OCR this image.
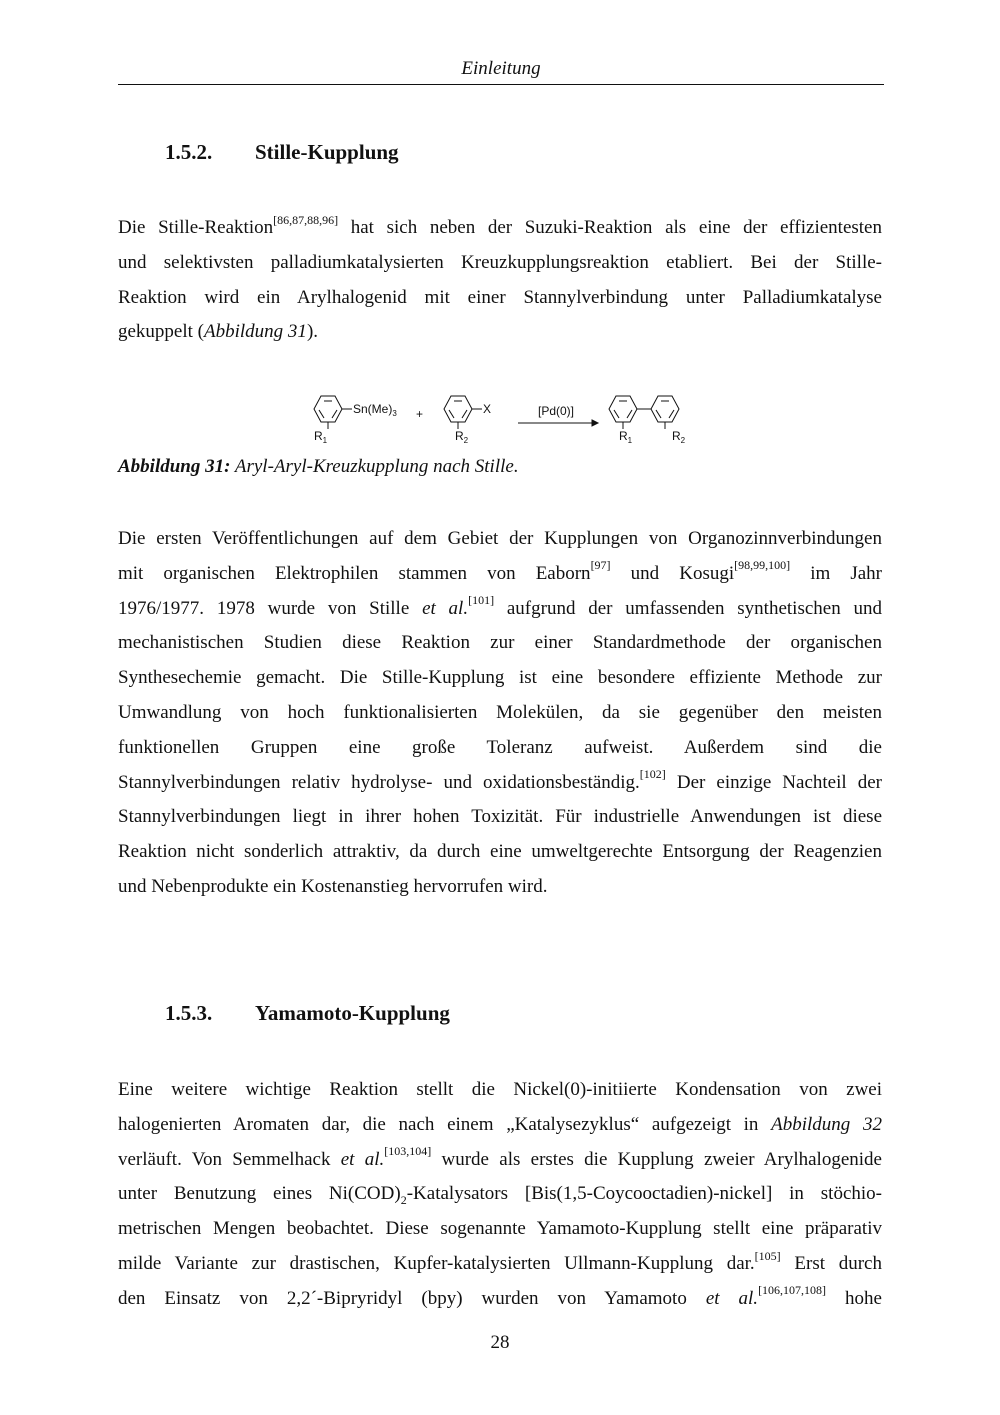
Einleitung
1.5.2. Stille-Kupplung
Die Stille-Reaktion[86,87,88,96] hat sich neben der Suzuki-Reaktion als eine der effizientesten
und selektivsten palladiumkatalysierten Kreuzkupplungsreaktion etabliert. Bei der Stille-
Reaktion wird ein Arylhalogenid mit einer Stannylverbindung unter Palladiumkatalyse
gekuppelt (Abbildung 31).
$Sn(Me)_3$ +	X	[Pd(0)]
$R_1$	$R_2$	$R_1$	$R_2$
Abbildung 31: Aryl-Aryl-Kreuzkupplung nach Stille.
Die ersten Veröffentlichungen auf dem Gebiet der Kupplungen von Organozinnverbindungen
mit organischen Elektrophilen stammen von Eaborn[97] und Kosugi[98,99,100] im Jahr
1976/1977. 1978 wurde von Stille et al.[101] aufgrund der umfassenden synthetischen und
mechanistischen Studien diese Reaktion zur einer Standardmethode der organischen
Synthesechemie gemacht. Die Stille-Kupplung ist eine besondere effiziente Methode zur
Umwandlung von hoch funktionalisierten Molekülen, da sie gegenüber den meisten
funktionellen Gruppen eine große Toleranz aufweist. Außerdem sind die
Stannylverbindungen relativ hydrolyse- und oxidationsbeständig.[102] Der einzige Nachteil der
Stannylverbindungen liegt in ihrer hohen Toxizität. Für industrielle Anwendungen ist diese
Reaktion nicht sonderlich attraktiv, da durch eine umweltgerechte Entsorgung der Reagenzien
und Nebenprodukte ein Kostenanstieg hervorrufen wird.
1.5.3. Yamamoto-Kupplung
Eine weitere wichtige Reaktion stellt die Nickel(0)-initiierte Kondensation von zwei
halogenierten Aromaten dar, die nach einem „Katalysezyklus“ aufgezeigt in Abbildung 32
verläuft. Von Semmelhack et al.[103,104] wurde als erstes die Kupplung zweier Arylhalogenide
unter Benutzung eines $Ni(COD)_2$-Katalysators [Bis(1,5-Coycooctadien)-nickel] in stöchio-
metrischen Mengen beobachtet. Diese sogenannte Yamamoto-Kupplung stellt eine präparativ
milde Variante zur drastischen, Kupfer-katalysierten Ullmann-Kupplung dar.[105] Erst durch
den Einsatz von 2,2´-Bipryridyl (bpy) wurden von Yamamoto et al.[106,107,108] hohe
28
